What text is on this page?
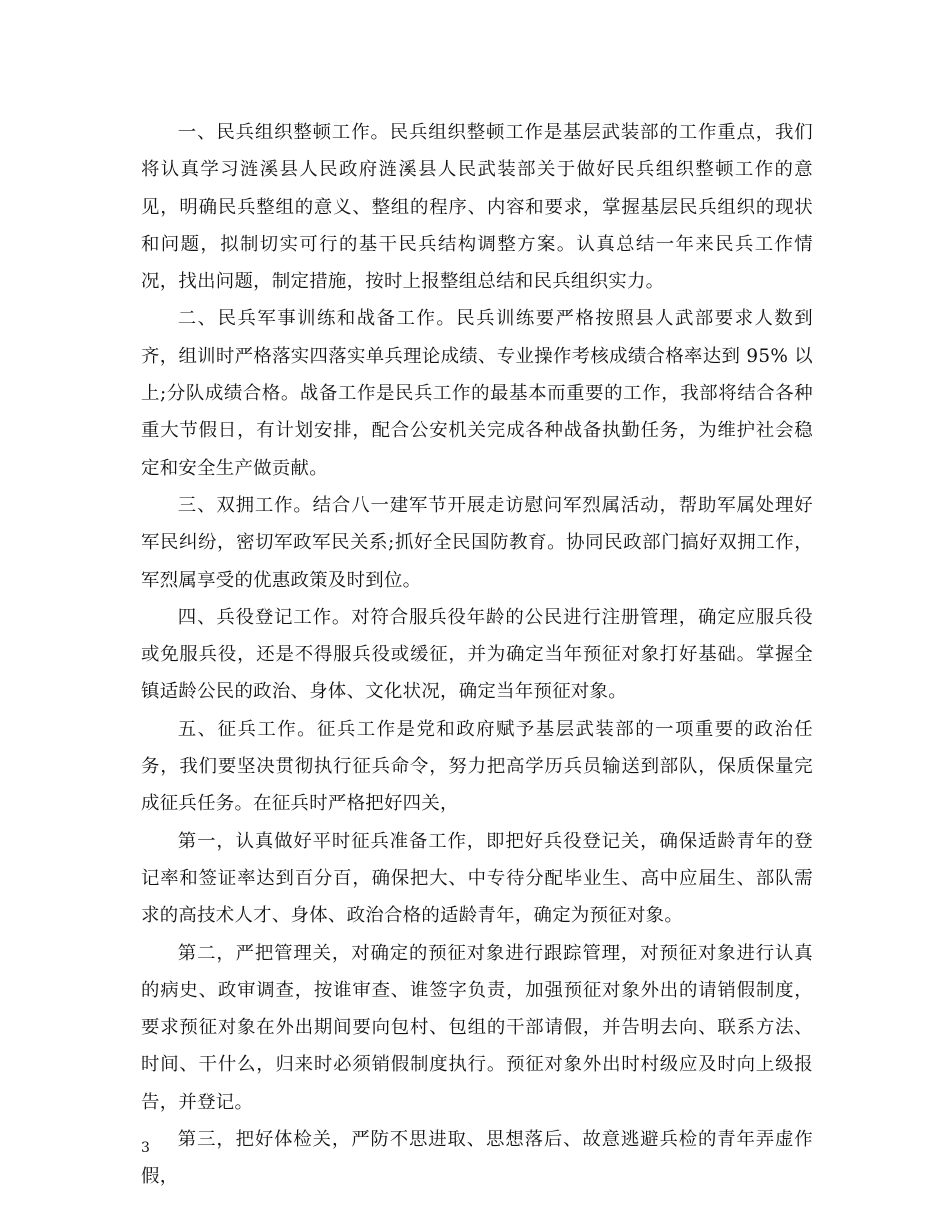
一、民兵组织整顿工作。民兵组织整顿工作是基层武装部的工作重点，我们将认真学习涟溪县人民政府涟溪县人民武装部关于做好民兵组织整顿工作的意见，明确民兵整组的意义、整组的程序、内容和要求，掌握基层民兵组织的现状和问题，拟制切实可行的基干民兵结构调整方案。认真总结一年来民兵工作情况，找出问题，制定措施，按时上报整组总结和民兵组织实力。

二、民兵军事训练和战备工作。民兵训练要严格按照县人武部要求人数到齐，组训时严格落实四落实单兵理论成绩、专业操作考核成绩合格率达到 95% 以上;分队成绩合格。战备工作是民兵工作的最基本而重要的工作，我部将结合各种重大节假日，有计划安排，配合公安机关完成各种战备执勤任务，为维护社会稳定和安全生产做贡献。

三、双拥工作。结合八一建军节开展走访慰问军烈属活动，帮助军属处理好军民纠纷，密切军政军民关系;抓好全民国防教育。协同民政部门搞好双拥工作，军烈属享受的优惠政策及时到位。

四、兵役登记工作。对符合服兵役年龄的公民进行注册管理，确定应服兵役或免服兵役，还是不得服兵役或缓征，并为确定当年预征对象打好基础。掌握全镇适龄公民的政治、身体、文化状况，确定当年预征对象。

五、征兵工作。征兵工作是党和政府赋予基层武装部的一项重要的政治任务，我们要坚决贯彻执行征兵命令，努力把高学历兵员输送到部队，保质保量完成征兵任务。在征兵时严格把好四关，

第一，认真做好平时征兵准备工作，即把好兵役登记关，确保适龄青年的登记率和签证率达到百分百，确保把大、中专待分配毕业生、高中应届生、部队需求的高技术人才、身体、政治合格的适龄青年，确定为预征对象。

第二，严把管理关，对确定的预征对象进行跟踪管理，对预征对象进行认真的病史、政审调查，按谁审查、谁签字负责，加强预征对象外出的请销假制度，要求预征对象在外出期间要向包村、包组的干部请假，并告明去向、联系方法、时间、干什么，归来时必须销假制度执行。预征对象外出时村级应及时向上级报告，并登记。

第三，把好体检关，严防不思进取、思想落后、故意逃避兵检的青年弄虚作假，

3
